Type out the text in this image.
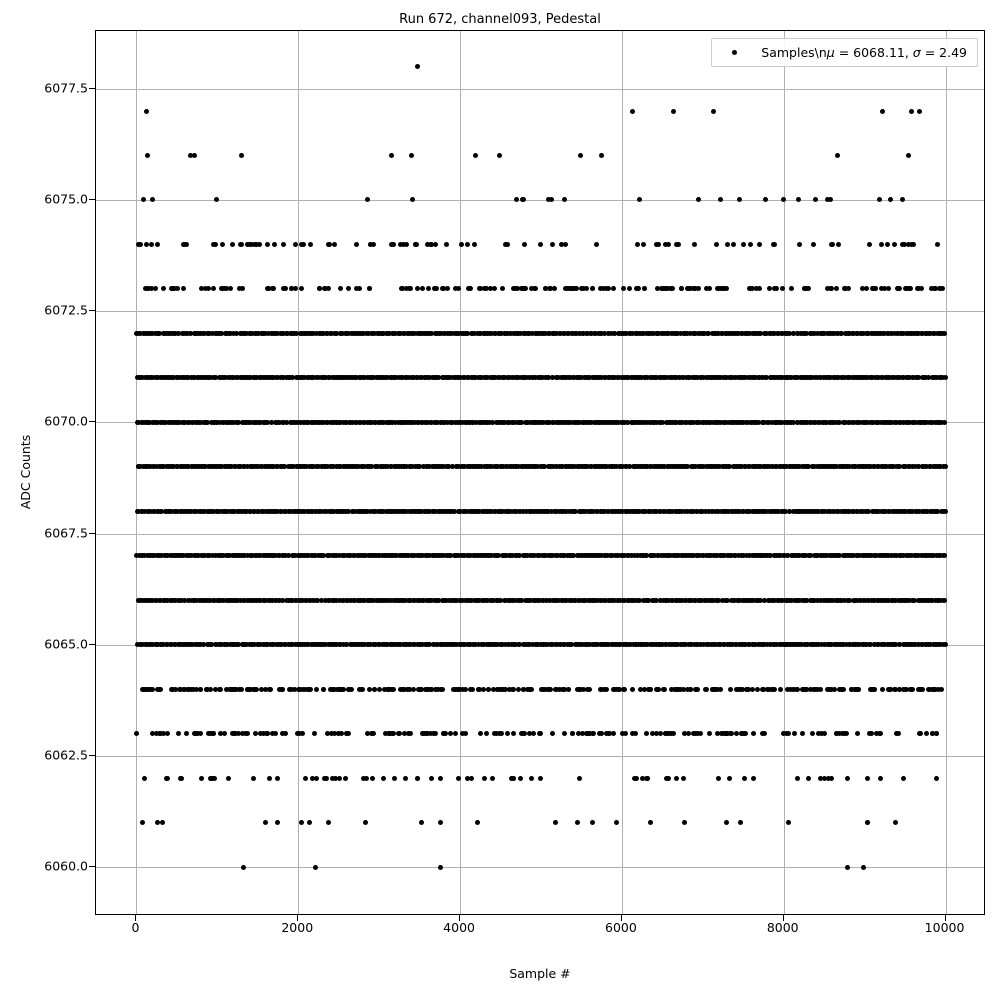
Run 672, channel093, Pedestal
0	2000	4000	6000	8000	10000
6060.0
6062.5
6065.0
6067.5
6070.0
6072.5
6075.0
6077.5
Sample #
ADC Counts
Samples\nμ = 6068.11, σ = 2.49
